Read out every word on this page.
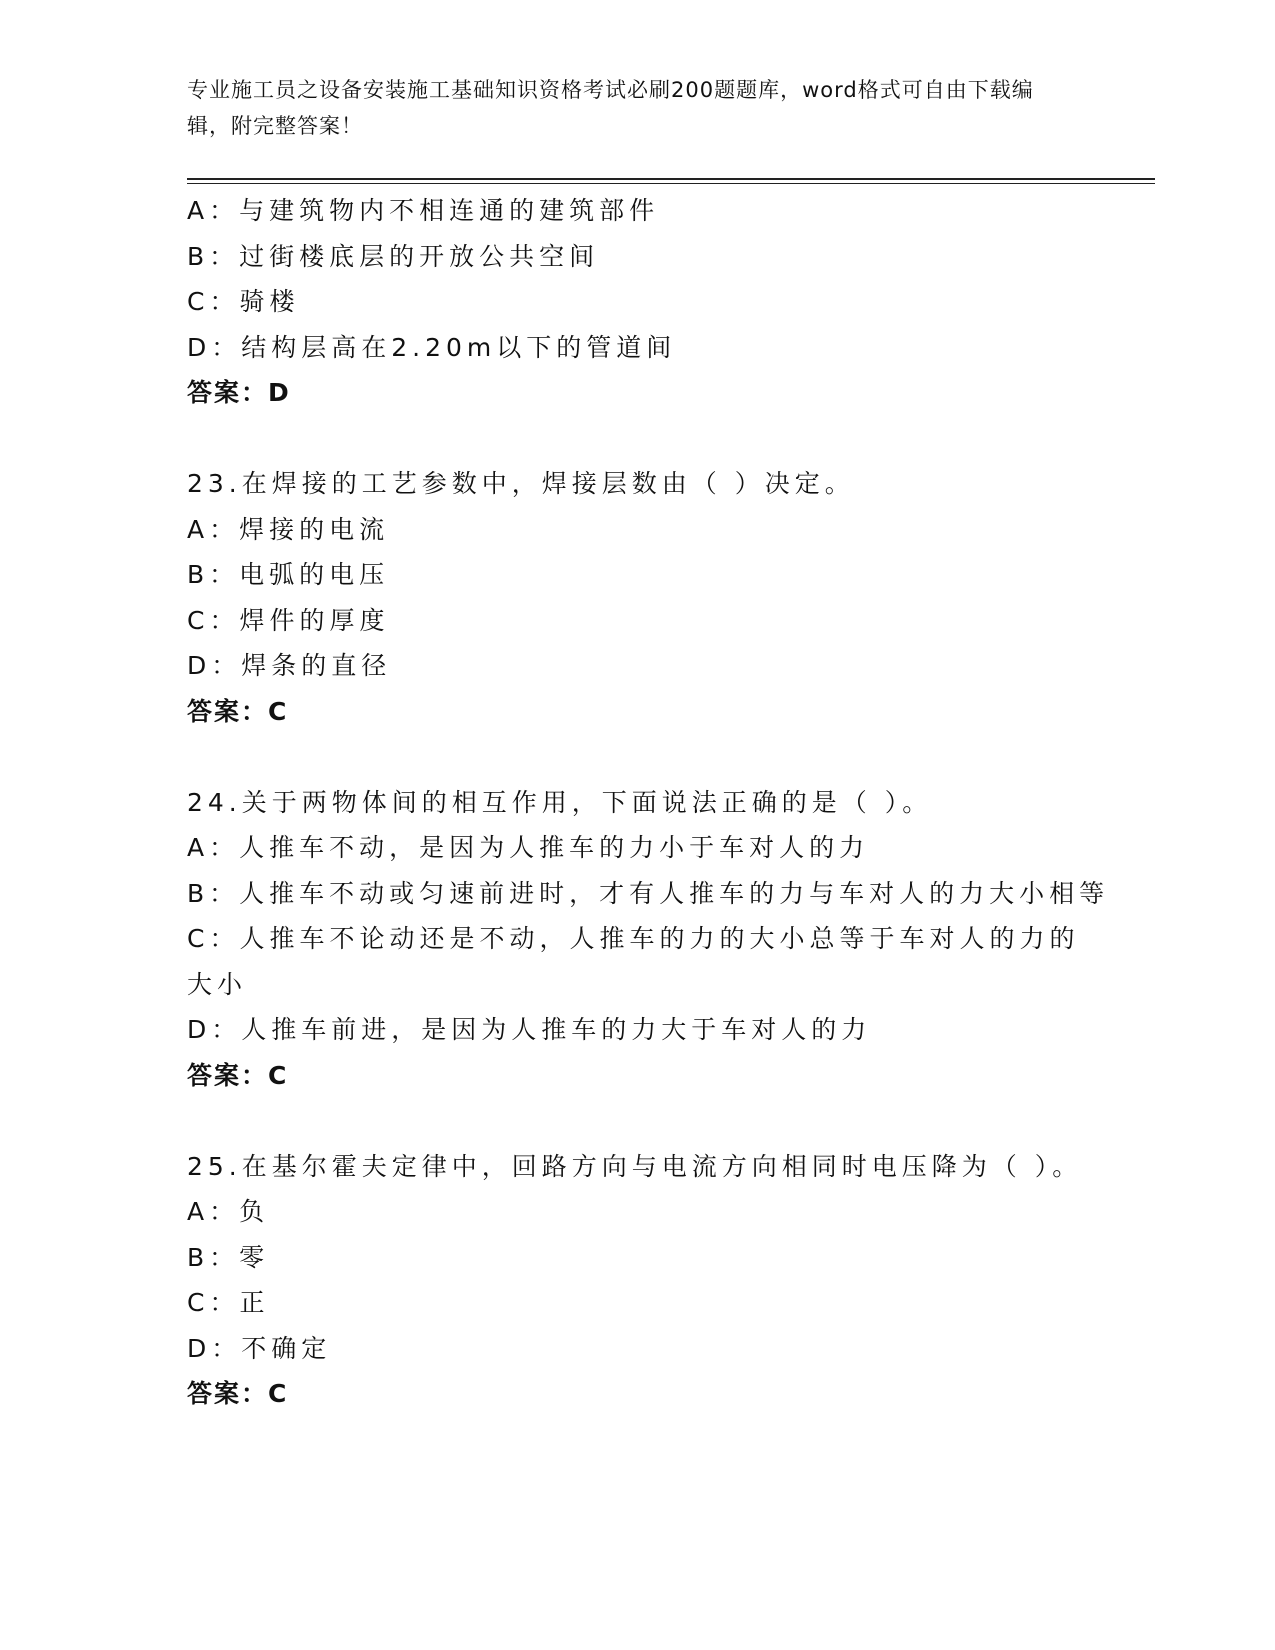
专业施工员之设备安装施工基础知识资格考试必刷200题题库，word格式可自由下载编辑，附完整答案！
A：与建筑物内不相连通的建筑部件
B：过街楼底层的开放公共空间
C：骑楼
D：结构层高在2.20m以下的管道间
答案：D
23.在焊接的工艺参数中，焊接层数由（ ）决定。
A：焊接的电流
B：电弧的电压
C：焊件的厚度
D：焊条的直径
答案：C
24.关于两物体间的相互作用，下面说法正确的是（ ）。
A：人推车不动，是因为人推车的力小于车对人的力
B：人推车不动或匀速前进时，才有人推车的力与车对人的力大小相等
C：人推车不论动还是不动，人推车的力的大小总等于车对人的力的大小
D：人推车前进，是因为人推车的力大于车对人的力
答案：C
25.在基尔霍夫定律中，回路方向与电流方向相同时电压降为（ ）。
A：负
B：零
C：正
D：不确定
答案：C
